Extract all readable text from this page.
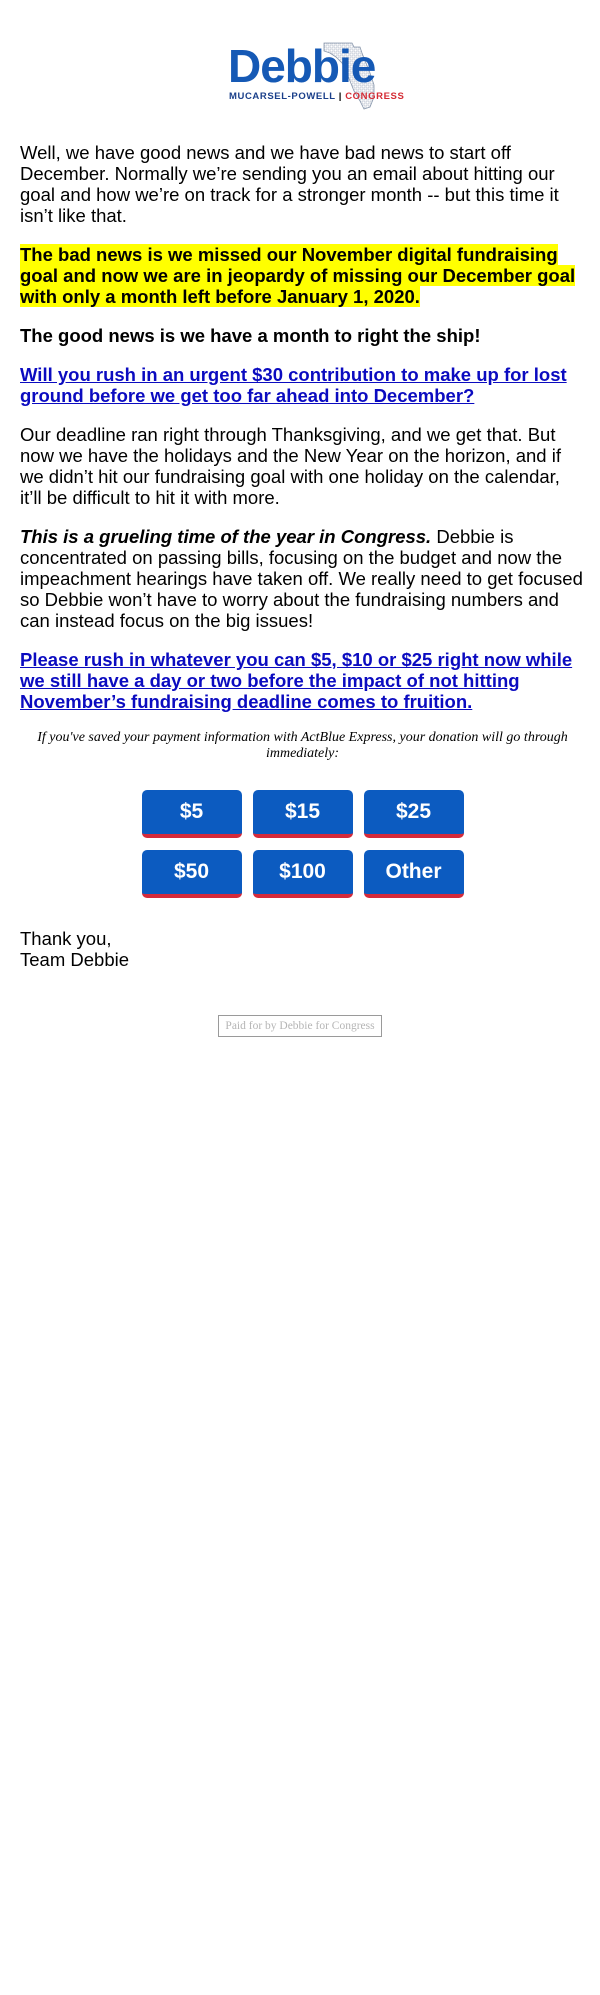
Debbie
MUCARSEL-POWELL | CONGRESS

Well, we have good news and we have bad news to start off December. Normally we’re sending you an email about hitting our goal and how we’re on track for a stronger month -- but this time it isn’t like that.

The bad news is we missed our November digital fundraising goal and now we are in jeopardy of missing our December goal with only a month left before January 1, 2020.

The good news is we have a month to right the ship!

Will you rush in an urgent $30 contribution to make up for lost ground before we get too far ahead into December?

Our deadline ran right through Thanksgiving, and we get that. But now we have the holidays and the New Year on the horizon, and if we didn’t hit our fundraising goal with one holiday on the calendar, it’ll be difficult to hit it with more.

This is a grueling time of the year in Congress. Debbie is concentrated on passing bills, focusing on the budget and now the impeachment hearings have taken off. We really need to get focused so Debbie won’t have to worry about the fundraising numbers and can instead focus on the big issues!

Please rush in whatever you can $5, $10 or $25 right now while we still have a day or two before the impact of not hitting November’s fundraising deadline comes to fruition.

If you've saved your payment information with ActBlue Express, your donation will go through immediately:
$5	$15	$25
$50	$100	Other
Thank you,
Team Debbie
Paid for by Debbie for Congress
